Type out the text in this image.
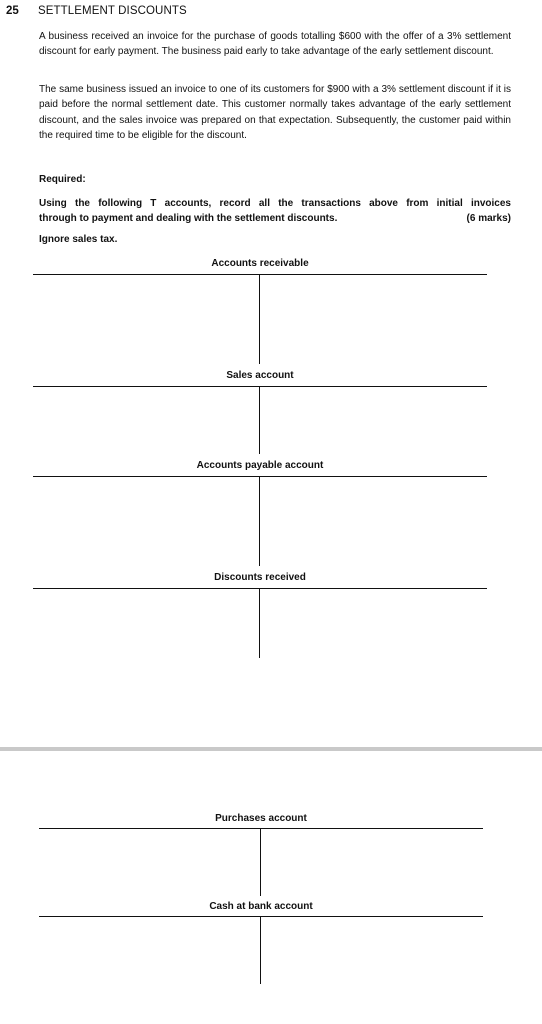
25 SETTLEMENT DISCOUNTS

A business received an invoice for the purchase of goods totalling $600 with the offer of a 3% settlement discount for early payment. The business paid early to take advantage of the early settlement discount.

The same business issued an invoice to one of its customers for $900 with a 3% settlement discount if it is paid before the normal settlement date. This customer normally takes advantage of the early settlement discount, and the sales invoice was prepared on that expectation. Subsequently, the customer paid within the required time to be eligible for the discount.

Required:
Using the following T accounts, record all the transactions above from initial invoices
through to payment and dealing with the settlement discounts.	(6 marks)
Ignore sales tax.
Accounts receivable
Sales account
Accounts payable account
Discounts received
Purchases account
Cash at bank account
